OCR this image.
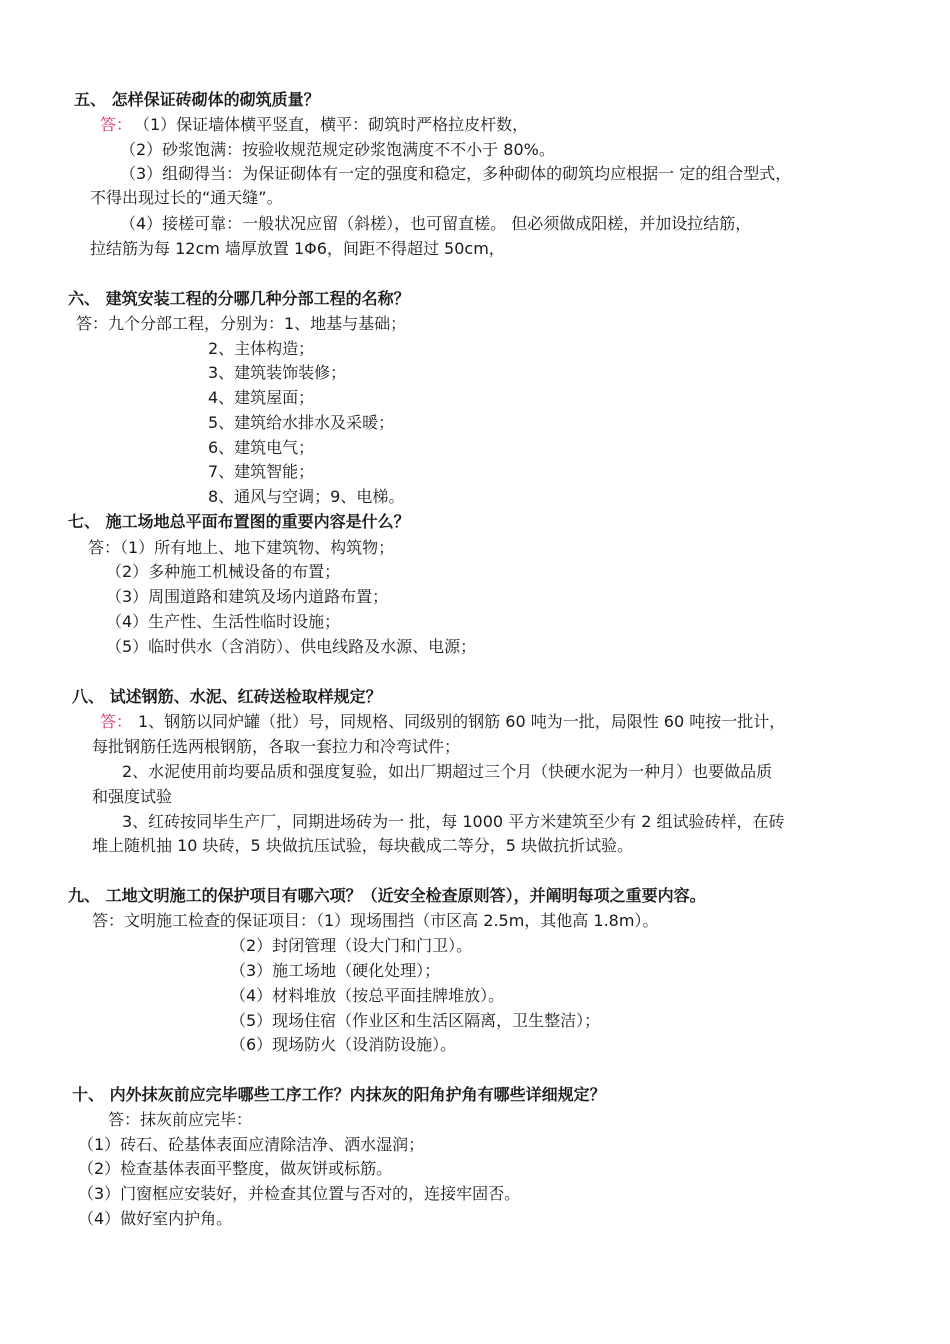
五、 怎样保证砖砌体的砌筑质量？
答： （1）保证墙体横平竖直，横平：砌筑时严格拉皮杆数，
（2）砂浆饱满：按验收规范规定砂浆饱满度不不小于 80%。
（3）组砌得当：为保证砌体有一定的强度和稳定，多种砌体的砌筑均应根据一 定的组合型式，
不得出现过长的“通天缝”。
（4）接槎可靠：一般状况应留（斜槎），也可留直槎。 但必须做成阳槎，并加设拉结筋，
拉结筋为每 12cm 墙厚放置 1Φ6，间距不得超过 50cm，
六、 建筑安装工程的分哪几种分部工程的名称？
答：九个分部工程，分别为：1、地基与基础；
2、主体构造；
3、建筑装饰装修；
4、建筑屋面；
5、建筑给水排水及采暖；
6、建筑电气；
7、建筑智能；
8、通风与空调；9、电梯。
七、 施工场地总平面布置图的重要内容是什么？
答：（1）所有地上、地下建筑物、构筑物；
（2）多种施工机械设备的布置；
（3）周围道路和建筑及场内道路布置；
（4）生产性、生活性临时设施；
（5）临时供水（含消防）、供电线路及水源、电源；
八、 试述钢筋、水泥、红砖送检取样规定？
答： 1、钢筋以同炉罐（批）号，同规格、同级别的钢筋 60 吨为一批，局限性 60 吨按一批计，
每批钢筋任选两根钢筋，各取一套拉力和冷弯试件；
2、水泥使用前均要品质和强度复验，如出厂期超过三个月（快硬水泥为一种月）也要做品质
和强度试验
3、红砖按同毕生产厂，同期进场砖为一 批，每 1000 平方米建筑至少有 2 组试验砖样，在砖
堆上随机抽 10 块砖，5 块做抗压试验，每块截成二等分，5 块做抗折试验。
九、 工地文明施工的保护项目有哪六项？（近安全检查原则答），并阐明每项之重要内容。
答：文明施工检查的保证项目：（1）现场围挡（市区高 2.5m，其他高 1.8m）。
（2）封闭管理（设大门和门卫）。
（3）施工场地（硬化处理）；
（4）材料堆放（按总平面挂牌堆放）。
（5）现场住宿（作业区和生活区隔离，卫生整洁）；
（6）现场防火（设消防设施）。
十、 内外抹灰前应完毕哪些工序工作？内抹灰的阳角护角有哪些详细规定？
答：抹灰前应完毕：
（1）砖石、砼基体表面应清除洁净、洒水湿润；
（2）检查基体表面平整度，做灰饼或标筋。
（3）门窗框应安装好，并检查其位置与否对的，连接牢固否。
（4）做好室内护角。
